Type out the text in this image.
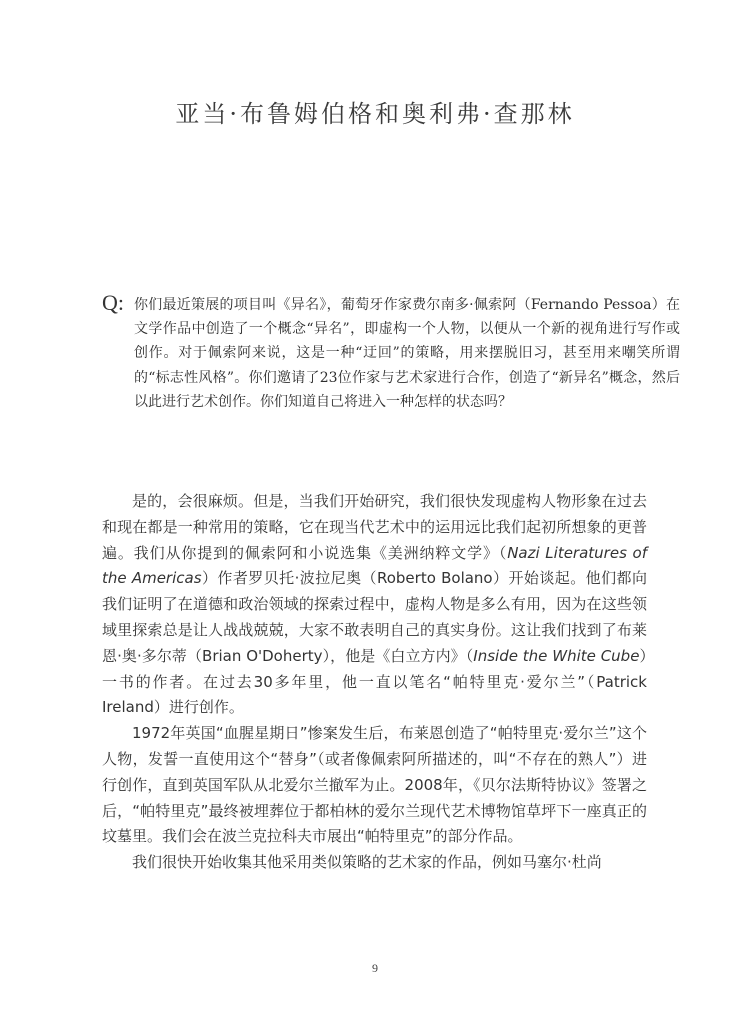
亚当·布鲁姆伯格和奥利弗·查那林
Q: 你们最近策展的项目叫《异名》，葡萄牙作家费尔南多·佩索阿（Fernando Pessoa）在文学作品中创造了一个概念“异名”，即虚构一个人物，以便从一个新的视角进行写作或创作。对于佩索阿来说，这是一种“迂回”的策略，用来摆脱旧习，甚至用来嘲笑所谓的“标志性风格”。你们邀请了23位作家与艺术家进行合作，创造了“新异名”概念，然后以此进行艺术创作。你们知道自己将进入一种怎样的状态吗？

是的，会很麻烦。但是，当我们开始研究，我们很快发现虚构人物形象在过去和现在都是一种常用的策略，它在现当代艺术中的运用远比我们起初所想象的更普遍。我们从你提到的佩索阿和小说选集《美洲纳粹文学》（Nazi Literatures of the Americas）作者罗贝托·波拉尼奥（Roberto Bolano）开始谈起。他们都向我们证明了在道德和政治领域的探索过程中，虚构人物是多么有用，因为在这些领域里探索总是让人战战兢兢，大家不敢表明自己的真实身份。这让我们找到了布莱恩·奥·多尔蒂（Brian O'Doherty），他是《白立方内》（Inside the White Cube）一书的作者。在过去30多年里，他一直以笔名“帕特里克·爱尔兰”（Patrick Ireland）进行创作。

1972年英国“血腥星期日”惨案发生后，布莱恩创造了“帕特里克·爱尔兰”这个人物，发誓一直使用这个“替身”（或者像佩索阿所描述的，叫“不存在的熟人”）进行创作，直到英国军队从北爱尔兰撤军为止。2008年，《贝尔法斯特协议》签署之后，“帕特里克”最终被埋葬位于都柏林的爱尔兰现代艺术博物馆草坪下一座真正的坟墓里。我们会在波兰克拉科夫市展出“帕特里克”的部分作品。

我们很快开始收集其他采用类似策略的艺术家的作品，例如马塞尔·杜尚

9
